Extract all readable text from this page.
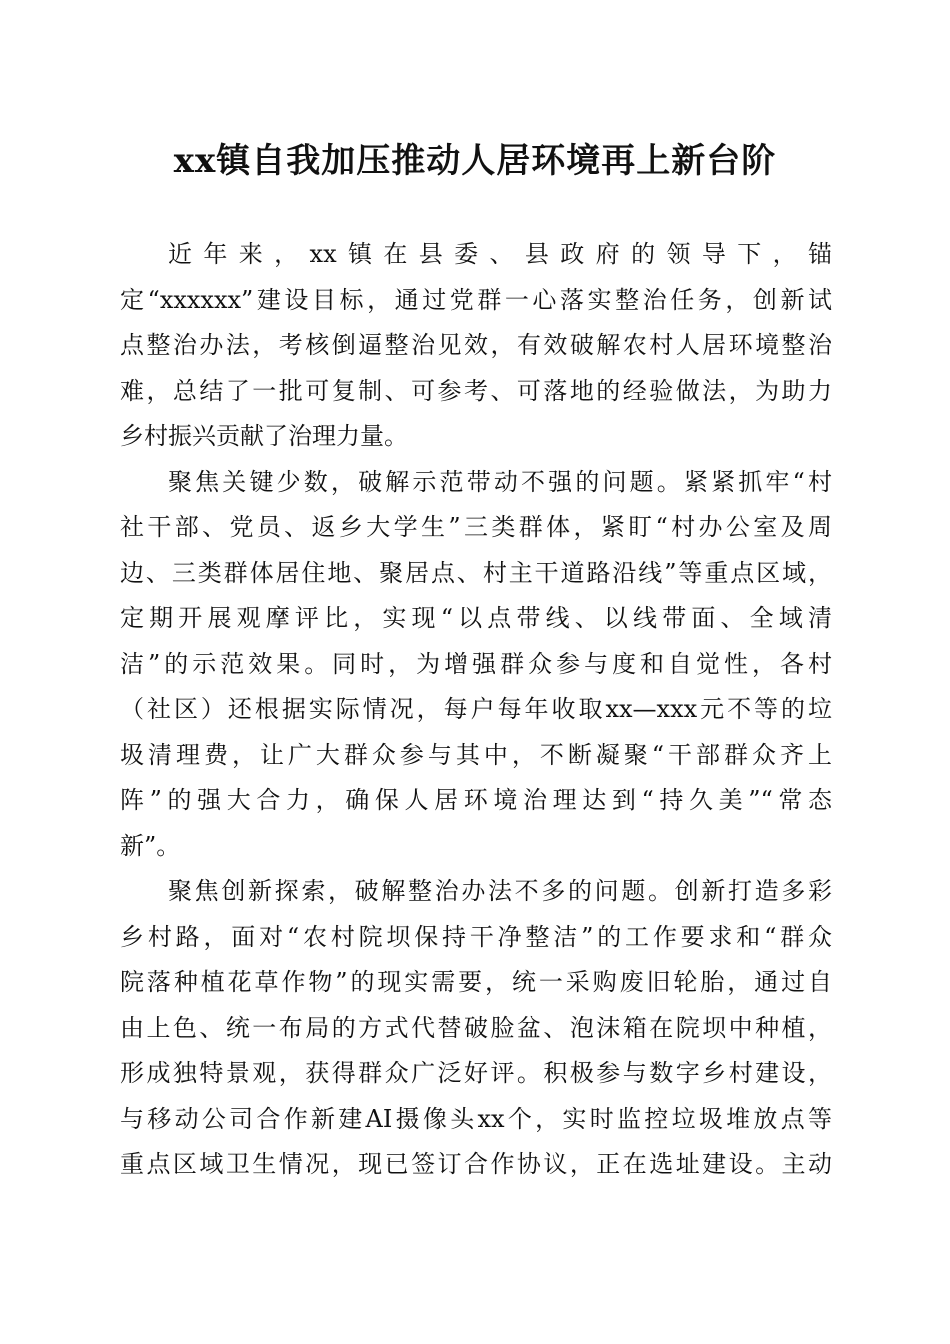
xx镇自我加压推动人居环境再上新台阶
近年来，xx镇在县委、县政府的领导下，锚
定“xxxxxx”建设目标，通过党群一心落实整治任务，创新试
点整治办法，考核倒逼整治见效，有效破解农村人居环境整治
难，总结了一批可复制、可参考、可落地的经验做法，为助力
乡村振兴贡献了治理力量。
聚焦关键少数，破解示范带动不强的问题。紧紧抓牢“村
社干部、党员、返乡大学生”三类群体，紧盯“村办公室及周
边、三类群体居住地、聚居点、村主干道路沿线”等重点区域，
定期开展观摩评比，实现“以点带线、以线带面、全域清
洁”的示范效果。同时，为增强群众参与度和自觉性，各村
（社区）还根据实际情况，每户每年收取xx—xxx元不等的垃
圾清理费，让广大群众参与其中，不断凝聚“干部群众齐上
阵”的强大合力，确保人居环境治理达到“持久美”“常态
新”。
聚焦创新探索，破解整治办法不多的问题。创新打造多彩
乡村路，面对“农村院坝保持干净整洁”的工作要求和“群众
院落种植花草作物”的现实需要，统一采购废旧轮胎，通过自
由上色、统一布局的方式代替破脸盆、泡沫箱在院坝中种植，
形成独特景观，获得群众广泛好评。积极参与数字乡村建设，
与移动公司合作新建AI摄像头xx个，实时监控垃圾堆放点等
重点区域卫生情况，现已签订合作协议，正在选址建设。主动
